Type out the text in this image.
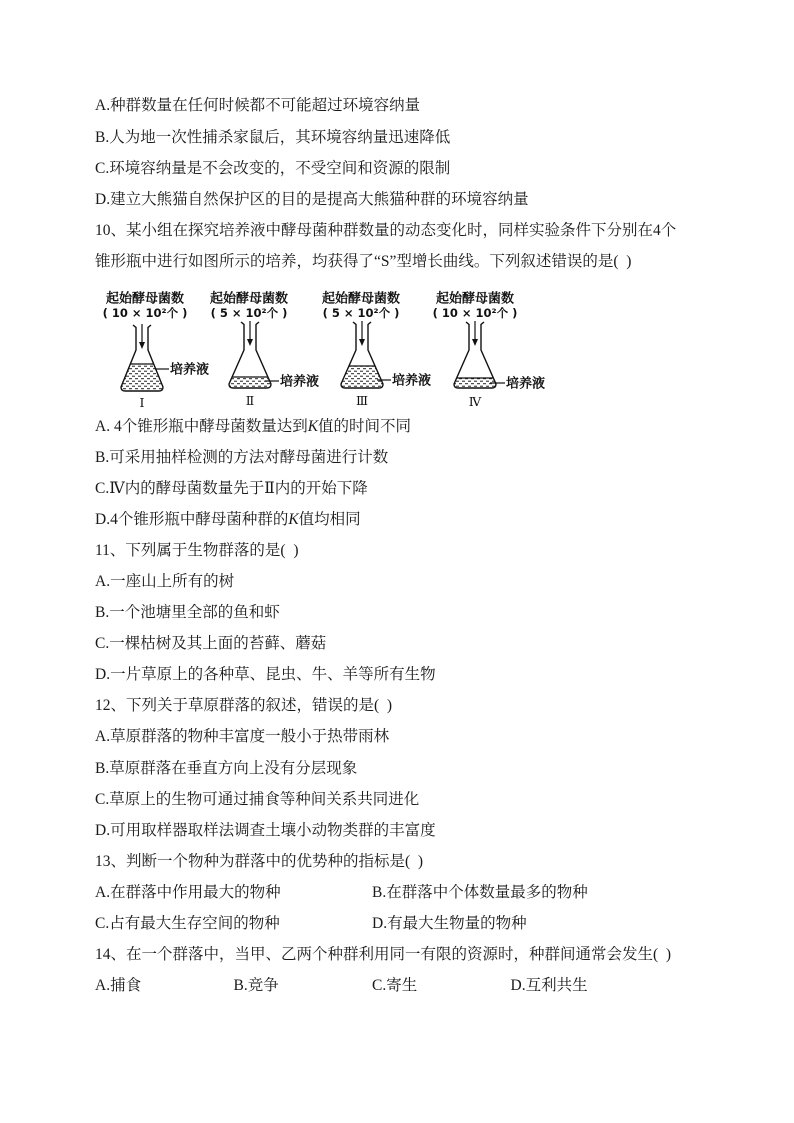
A.种群数量在任何时候都不可能超过环境容纳量
B.人为地一次性捕杀家鼠后，其环境容纳量迅速降低
C.环境容纳量是不会改变的，不受空间和资源的限制
D.建立大熊猫自然保护区的目的是提高大熊猫种群的环境容纳量
10、某小组在探究培养液中酵母菌种群数量的动态变化时，同样实验条件下分别在4个
锥形瓶中进行如图所示的培养，均获得了“S”型增长曲线。下列叙述错误的是(  )
起始酵母菌数
( 10 × 10²个 )
培养液
Ⅰ
起始酵母菌数
( 5 × 10²个 )
培养液
Ⅱ
起始酵母菌数
( 5 × 10²个 )
培养液
Ⅲ
起始酵母菌数
( 10 × 10²个 )
培养液
Ⅳ
A. 4个锥形瓶中酵母菌数量达到K值的时间不同
B.可采用抽样检测的方法对酵母菌进行计数
C.Ⅳ内的酵母菌数量先于Ⅱ内的开始下降
D.4个锥形瓶中酵母菌种群的K值均相同
11、下列属于生物群落的是(  )
A.一座山上所有的树
B.一个池塘里全部的鱼和虾
C.一棵枯树及其上面的苔藓、蘑菇
D.一片草原上的各种草、昆虫、牛、羊等所有生物
12、下列关于草原群落的叙述，错误的是(  )
A.草原群落的物种丰富度一般小于热带雨林
B.草原群落在垂直方向上没有分层现象
C.草原上的生物可通过捕食等种间关系共同进化
D.可用取样器取样法调查土壤小动物类群的丰富度
13、判断一个物种为群落中的优势种的指标是(  )
A.在群落中作用最大的物种	B.在群落中个体数量最多的物种
C.占有最大生存空间的物种	D.有最大生物量的物种
14、在一个群落中，当甲、乙两个种群利用同一有限的资源时，种群间通常会发生(  )
A.捕食	B.竞争	C.寄生	D.互利共生
